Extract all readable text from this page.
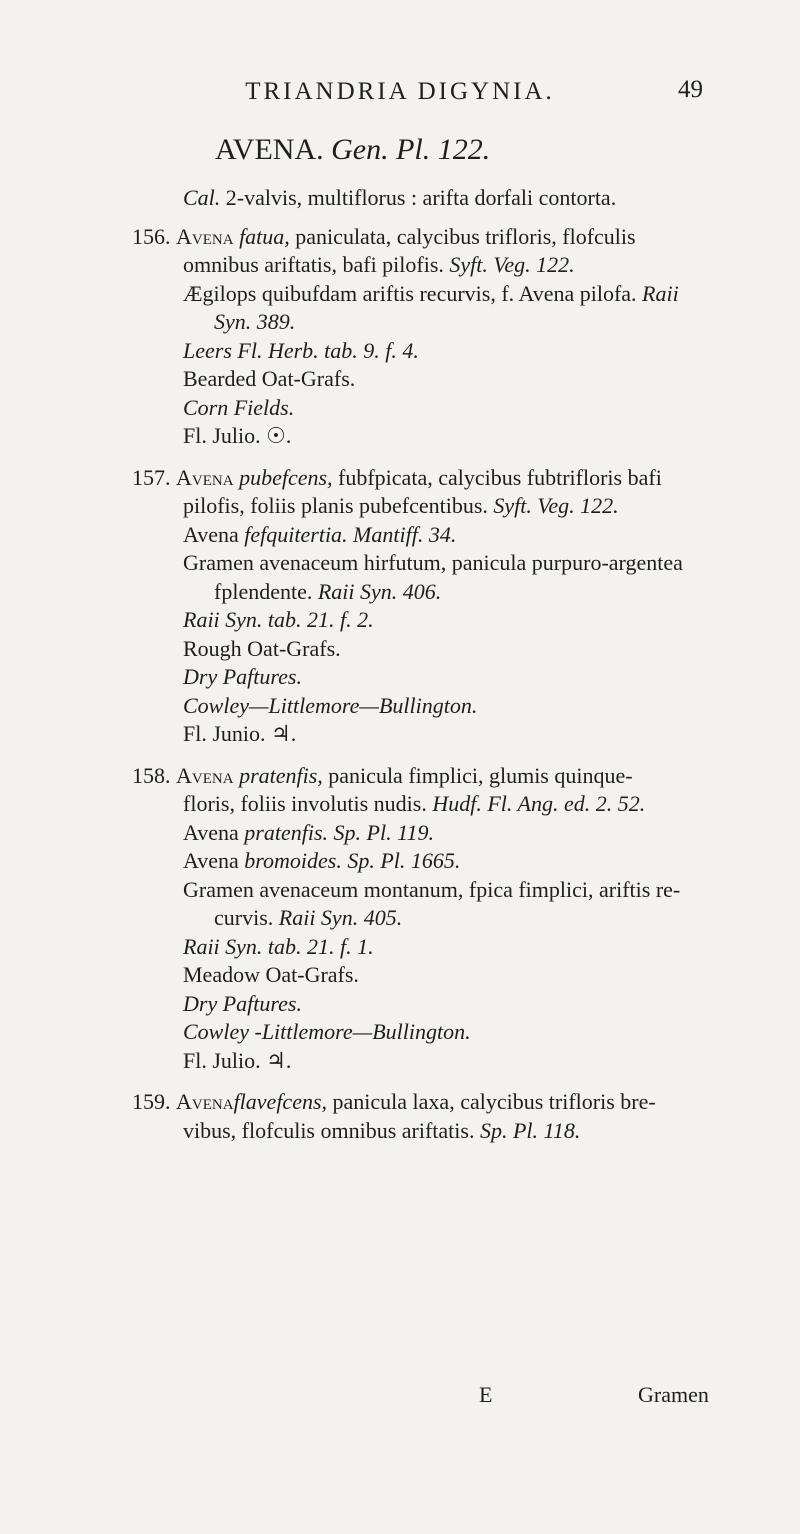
TRIANDRIA DIGYNIA.	49
AVENA. Gen. Pl. 122.

Cal. 2-valvis, multiflorus : arifta dorfali contorta.

156. Avena fatua, paniculata, calycibus trifloris, flofculis

omnibus ariftatis, bafi pilofis. Syft. Veg. 122.

Ægilops quibufdam ariftis recurvis, f. Avena pilofa. Raii

Syn. 389.

Leers Fl. Herb. tab. 9. f. 4.

Bearded Oat-Grafs.

Corn Fields.

Fl. Julio. ☉.

157. Avena pubefcens, fubfpicata, calycibus fubtrifloris bafi

pilofis, foliis planis pubefcentibus. Syft. Veg. 122.

Avena fefquitertia. Mantiff. 34.

Gramen avenaceum hirfutum, panicula purpuro-argentea

fplendente. Raii Syn. 406.

Raii Syn. tab. 21. f. 2.

Rough Oat-Grafs.

Dry Paftures.

Cowley—Littlemore—Bullington.

Fl. Junio. ♃.

158. Avena pratenfis, panicula fimplici, glumis quinque-

floris, foliis involutis nudis. Hudf. Fl. Ang. ed. 2. 52.

Avena pratenfis. Sp. Pl. 119.

Avena bromoides. Sp. Pl. 1665.

Gramen avenaceum montanum, fpica fimplici, ariftis re-

curvis. Raii Syn. 405.

Raii Syn. tab. 21. f. 1.

Meadow Oat-Grafs.

Dry Paftures.

Cowley -Littlemore—Bullington.

Fl. Julio. ♃.

159. Avenaflavefcens, panicula laxa, calycibus trifloris bre-

vibus, flofculis omnibus ariftatis. Sp. Pl. 118.

E	Gramen
